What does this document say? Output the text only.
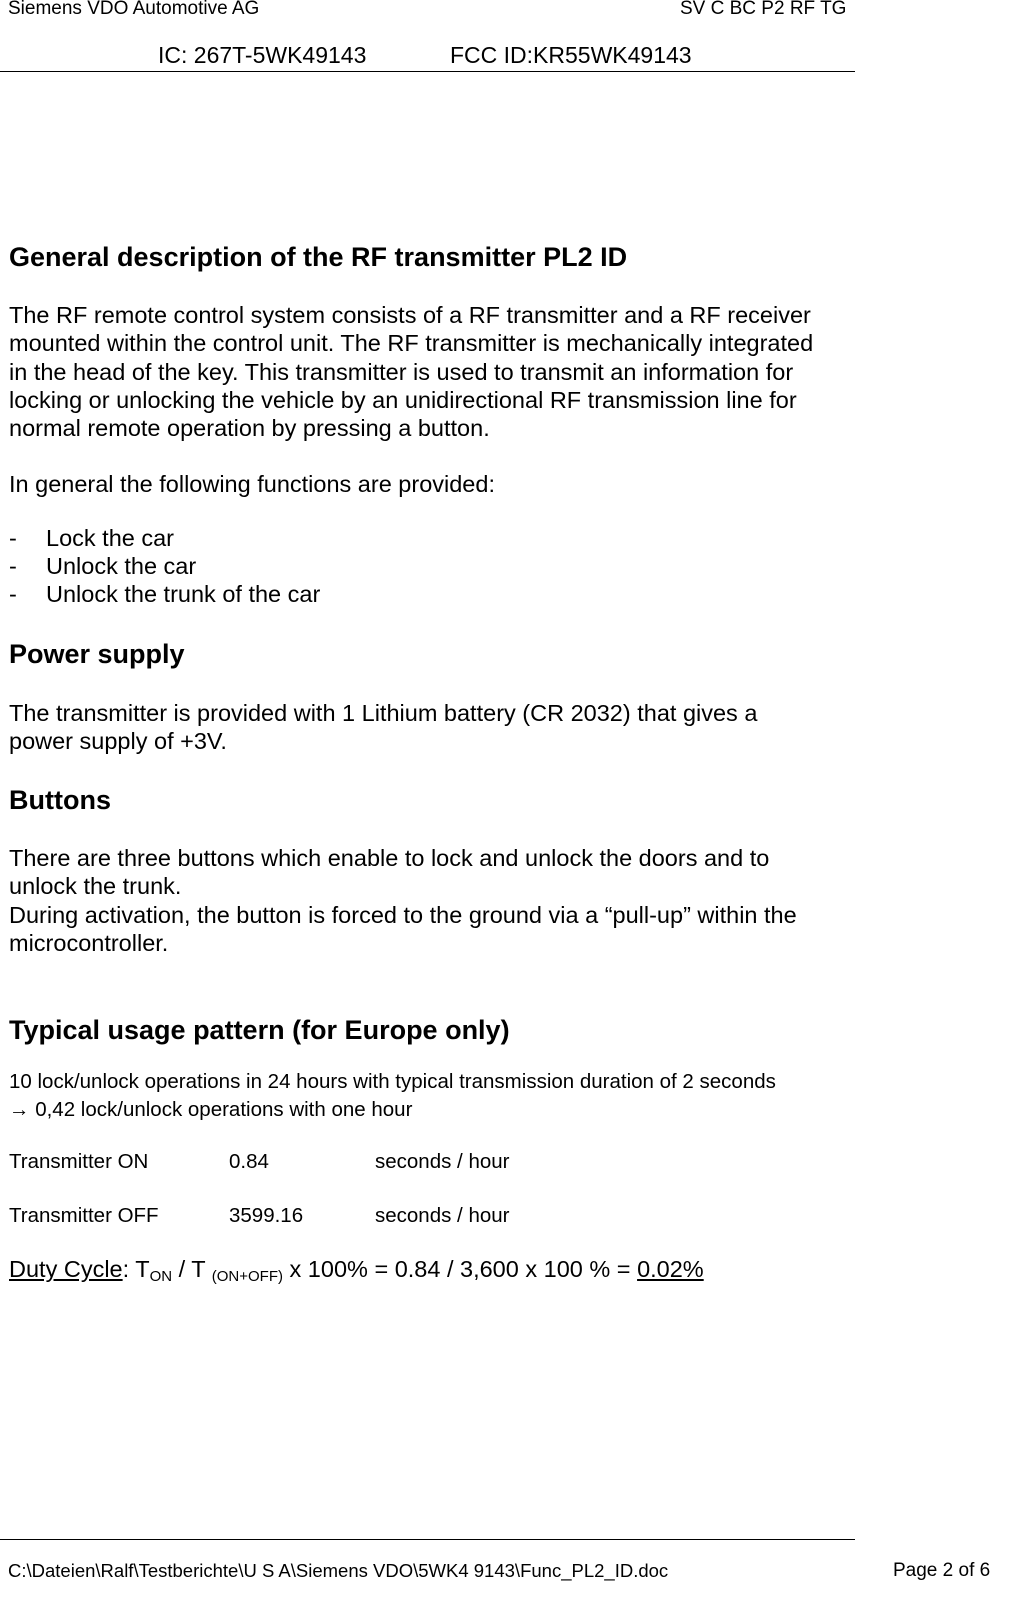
Siemens VDO Automotive AG	SV C BC P2 RF TG
IC: 267T-5WK49143	FCC ID:KR55WK49143
General description of the RF transmitter PL2 ID
The RF remote control system consists of a RF transmitter and a RF receiver
mounted within the control unit. The RF transmitter is mechanically integrated
in the head of the key. This transmitter is used to transmit an information for
locking or unlocking the vehicle by an unidirectional RF transmission line for
normal remote operation by pressing a button.
In general the following functions are provided:
- Lock the car
- Unlock the car
- Unlock the trunk of the car
Power supply
The transmitter is provided with 1 Lithium battery (CR 2032) that gives a
power supply of +3V.
Buttons
There are three buttons which enable to lock and unlock the doors and to
unlock the trunk.
During activation, the button is forced to the ground via a “pull-up” within the
microcontroller.
Typical usage pattern (for Europe only)
10 lock/unlock operations in 24 hours with typical transmission duration of 2 seconds
→ 0,42 lock/unlock operations with one hour
Transmitter ON	0.84	seconds / hour
Transmitter OFF	3599.16	seconds / hour
Duty Cycle: $T_{ON}$ / T $_{(ON+OFF)}$ x 100% = 0.84 / 3,600 x 100 % = 0.02%
C:\Dateien\Ralf\Testberichte\U S A\Siemens VDO\5WK4 9143\Func_PL2_ID.doc	Page 2 of 6
